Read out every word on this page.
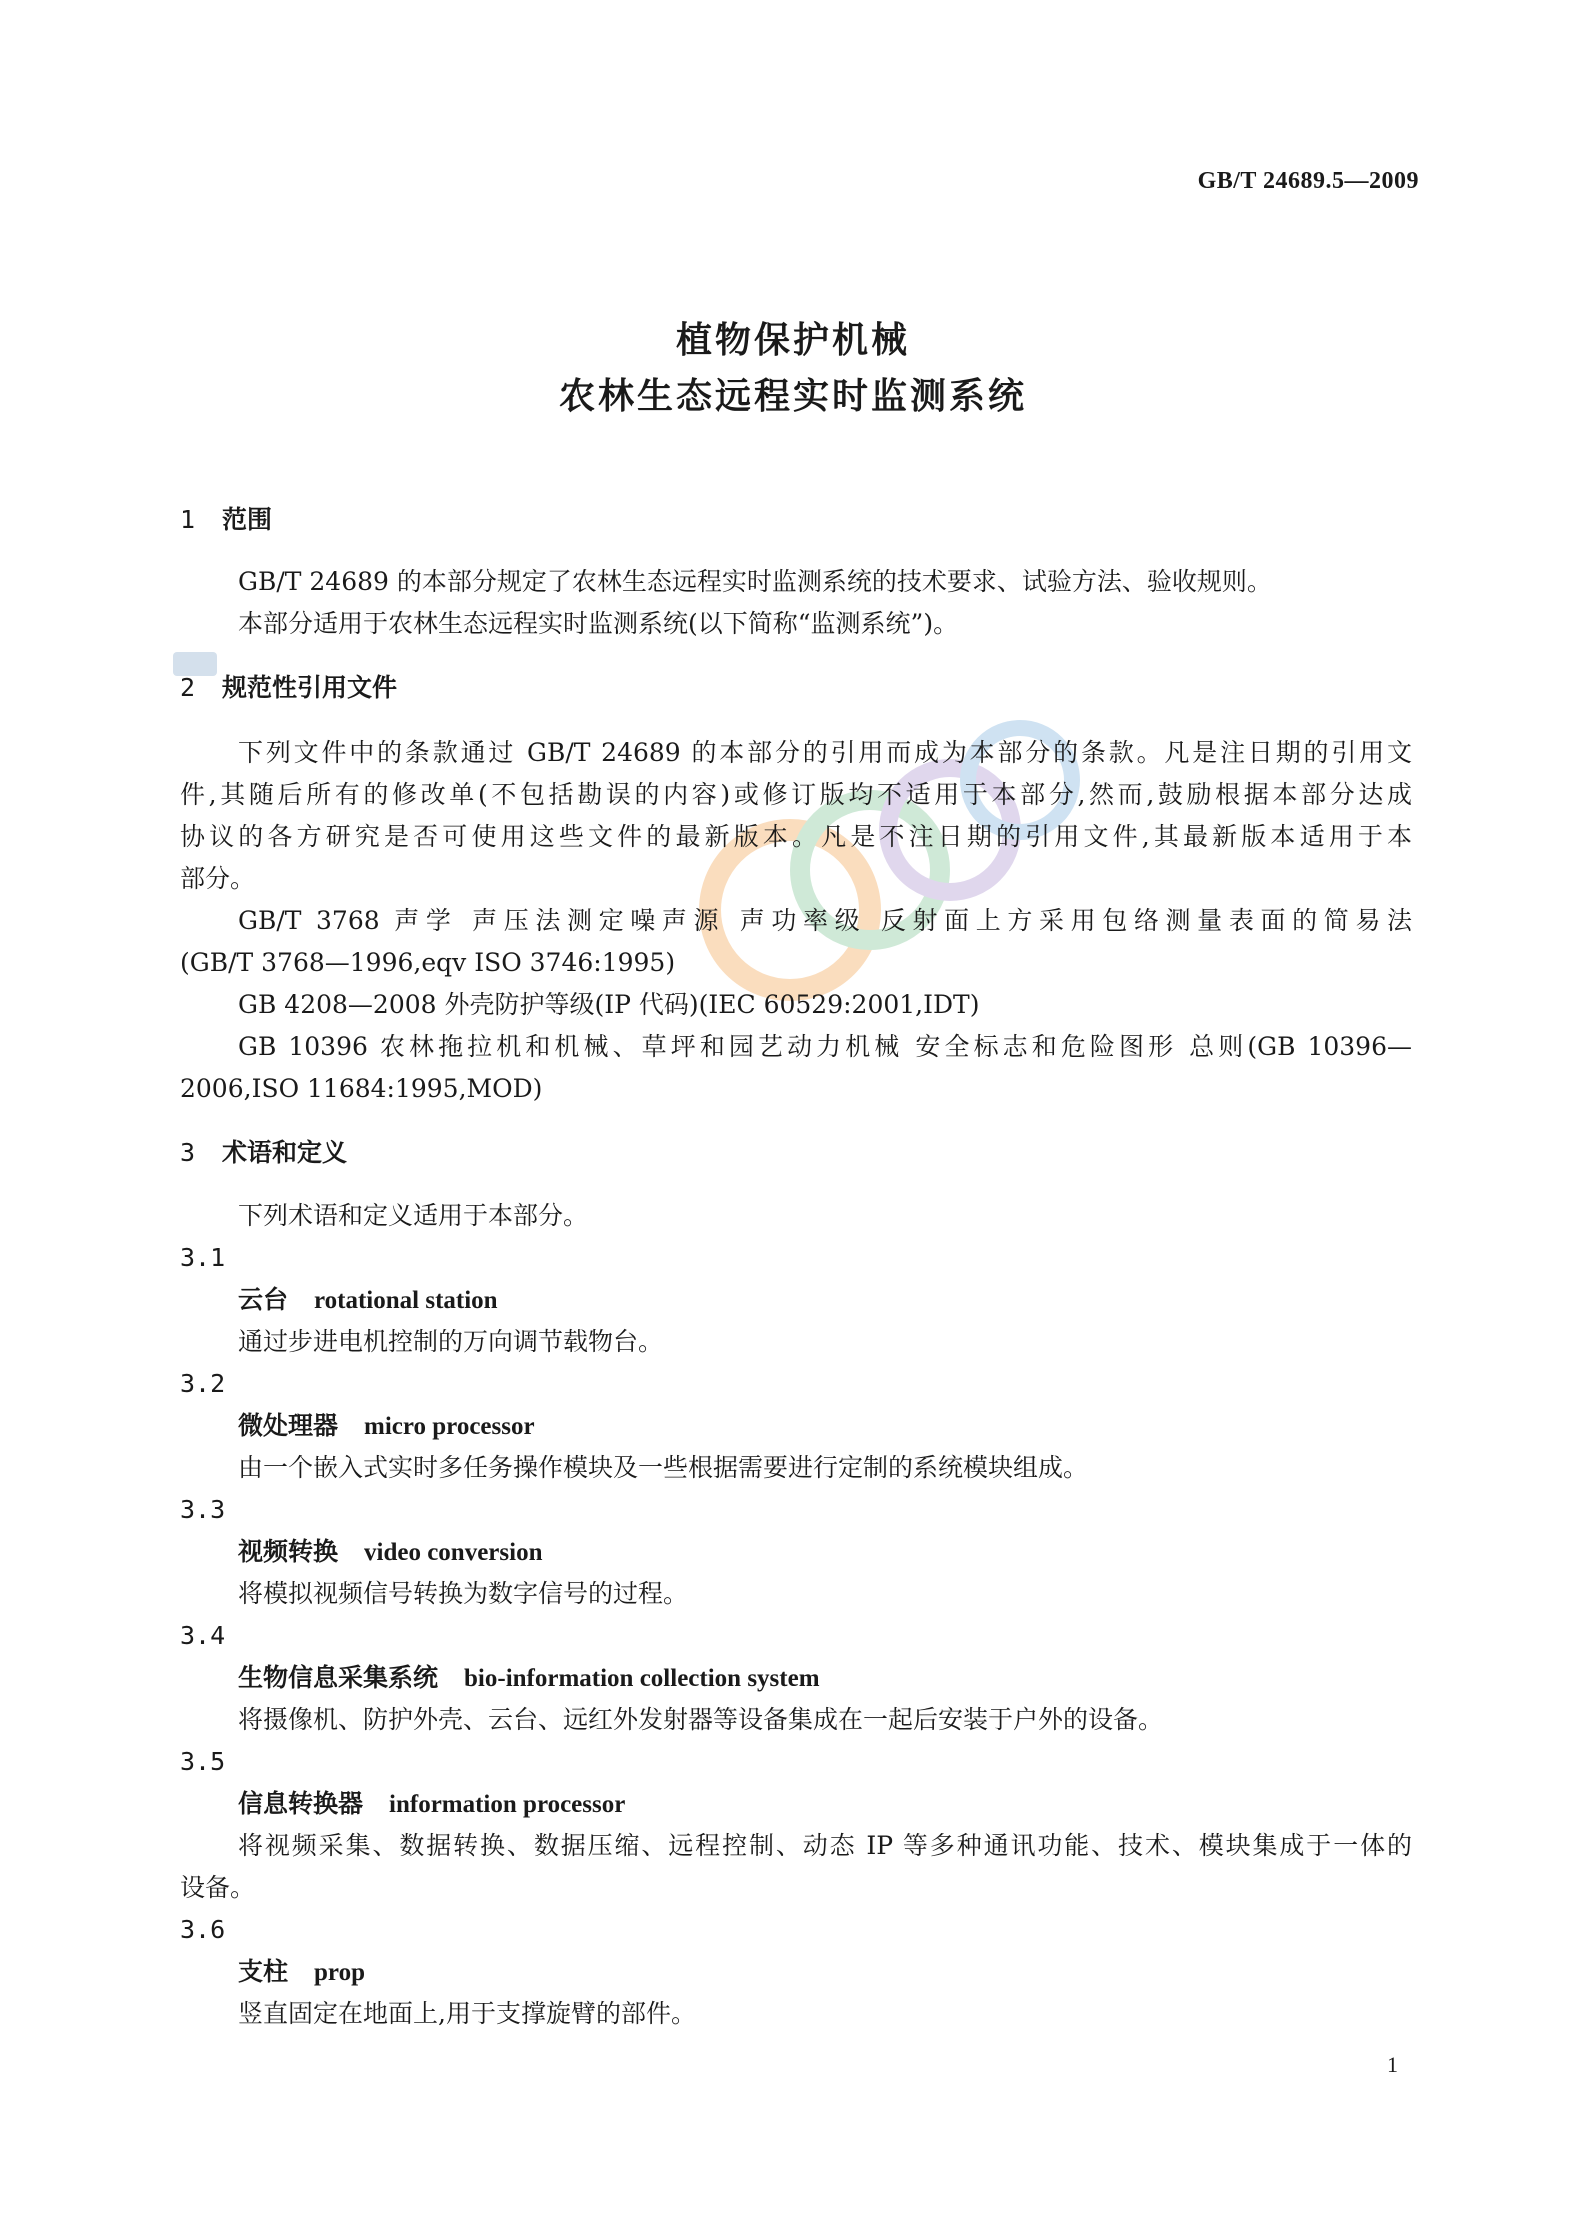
GB/T 24689.5—2009
植物保护机械
农林生态远程实时监测系统
1 范围
GB/T 24689 的本部分规定了农林生态远程实时监测系统的技术要求、试验方法、验收规则。
本部分适用于农林生态远程实时监测系统(以下简称“监测系统”)。
2 规范性引用文件
下列文件中的条款通过 GB/T 24689 的本部分的引用而成为本部分的条款。凡是注日期的引用文
件,其随后所有的修改单(不包括勘误的内容)或修订版均不适用于本部分,然而,鼓励根据本部分达成
协议的各方研究是否可使用这些文件的最新版本。凡是不注日期的引用文件,其最新版本适用于本
部分。
GB/T 3768 声学 声压法测定噪声源 声功率级 反射面上方采用包络测量表面的简易法
(GB/T 3768—1996,eqv ISO 3746:1995)
GB 4208—2008 外壳防护等级(IP 代码)(IEC 60529:2001,IDT)
GB 10396 农林拖拉机和机械、草坪和园艺动力机械 安全标志和危险图形 总则(GB 10396—
2006,ISO 11684:1995,MOD)
3 术语和定义
下列术语和定义适用于本部分。
3.1
云台 rotational station
通过步进电机控制的万向调节载物台。
3.2
微处理器 micro processor
由一个嵌入式实时多任务操作模块及一些根据需要进行定制的系统模块组成。
3.3
视频转换 video conversion
将模拟视频信号转换为数字信号的过程。
3.4
生物信息采集系统 bio-information collection system
将摄像机、防护外壳、云台、远红外发射器等设备集成在一起后安装于户外的设备。
3.5
信息转换器 information processor
将视频采集、数据转换、数据压缩、远程控制、动态 IP 等多种通讯功能、技术、模块集成于一体的
设备。
3.6
支柱 prop
竖直固定在地面上,用于支撑旋臂的部件。
1
